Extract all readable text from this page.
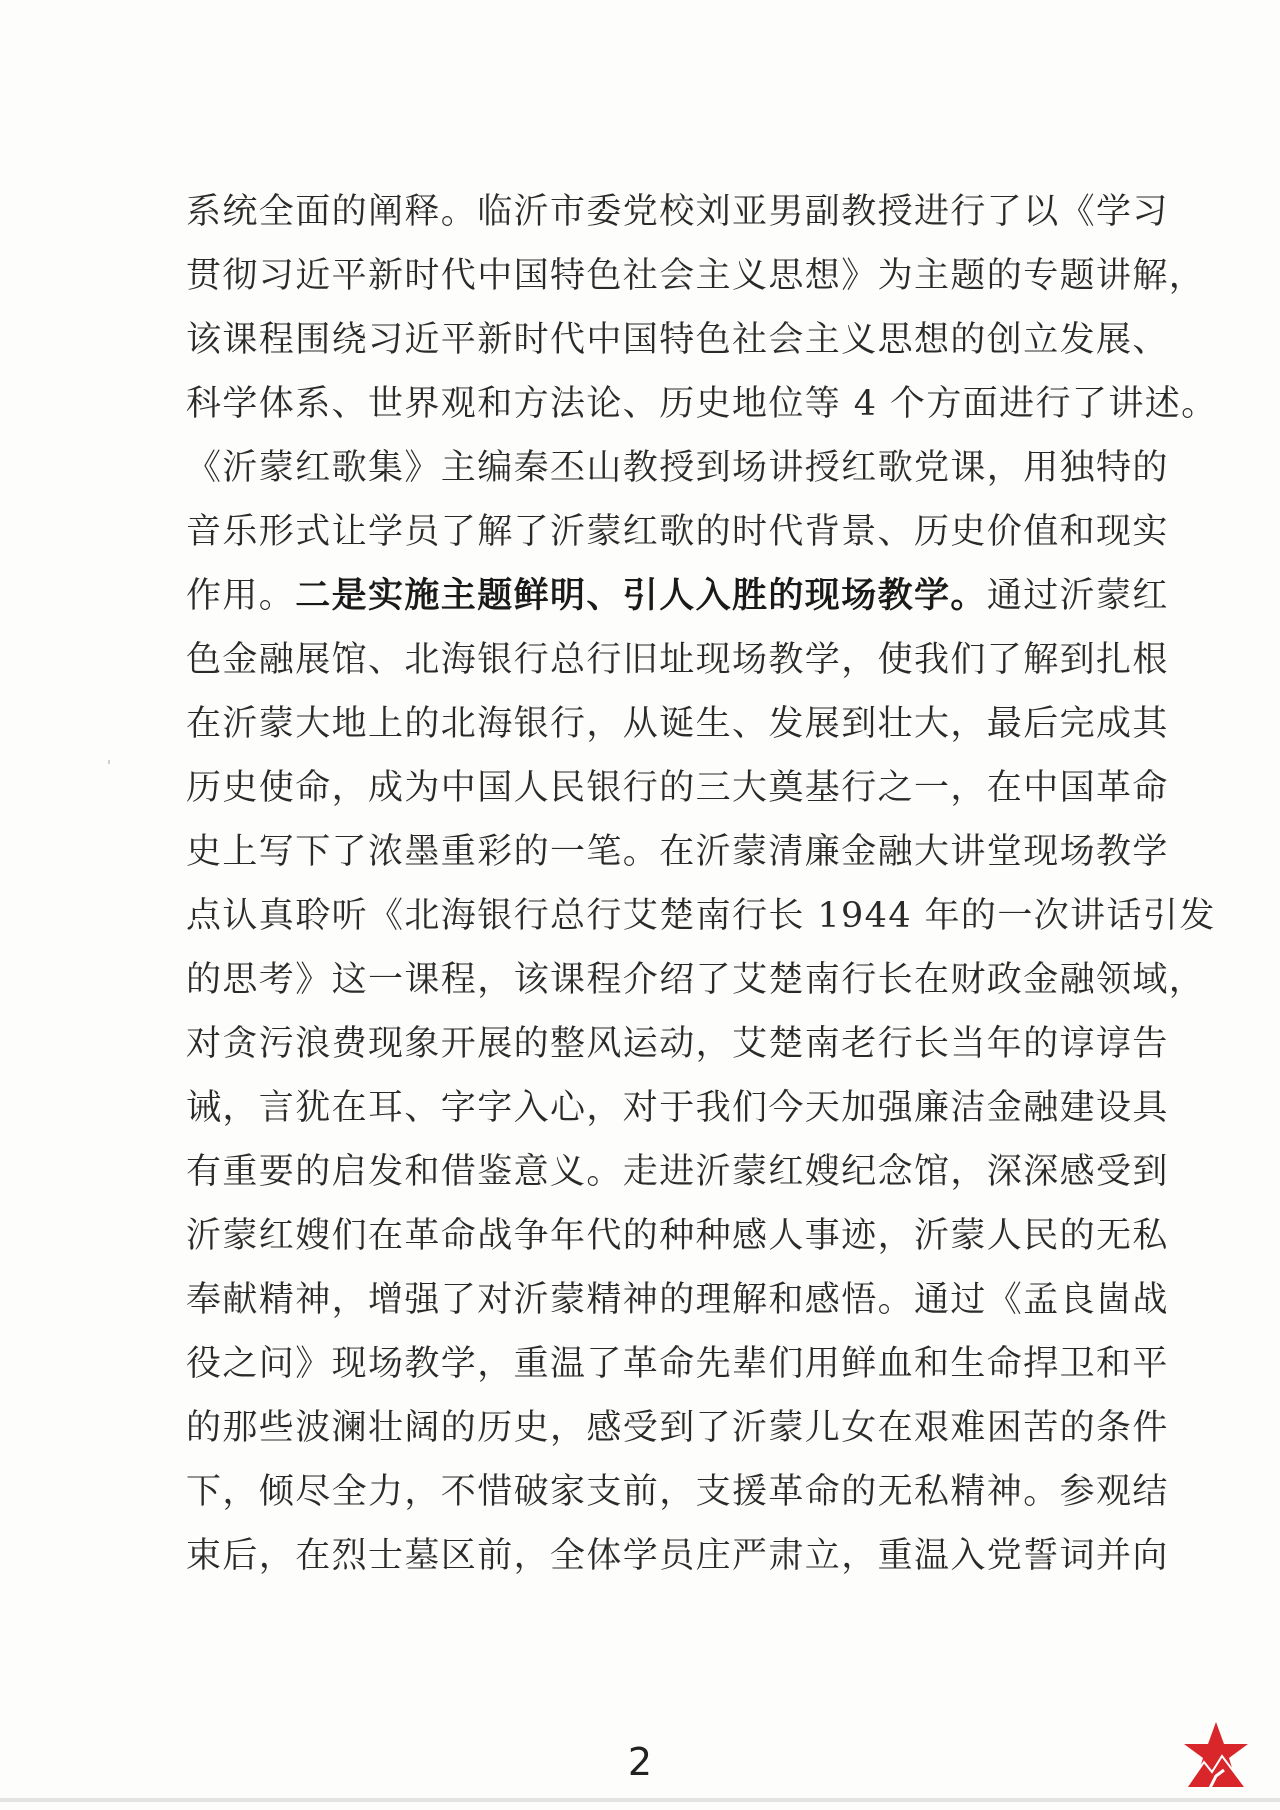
系统全面的阐释。临沂市委党校刘亚男副教授进行了以《学习
贯彻习近平新时代中国特色社会主义思想》为主题的专题讲解，
该课程围绕习近平新时代中国特色社会主义思想的创立发展、
科学体系、世界观和方法论、历史地位等 4 个方面进行了讲述。
《沂蒙红歌集》主编秦丕山教授到场讲授红歌党课，用独特的
音乐形式让学员了解了沂蒙红歌的时代背景、历史价值和现实
作用。二是实施主题鲜明、引人入胜的现场教学。通过沂蒙红
色金融展馆、北海银行总行旧址现场教学，使我们了解到扎根
在沂蒙大地上的北海银行，从诞生、发展到壮大，最后完成其
历史使命，成为中国人民银行的三大奠基行之一，在中国革命
史上写下了浓墨重彩的一笔。在沂蒙清廉金融大讲堂现场教学
点认真聆听《北海银行总行艾楚南行长 1944 年的一次讲话引发
的思考》这一课程，该课程介绍了艾楚南行长在财政金融领域，
对贪污浪费现象开展的整风运动，艾楚南老行长当年的谆谆告
诫，言犹在耳、字字入心，对于我们今天加强廉洁金融建设具
有重要的启发和借鉴意义。走进沂蒙红嫂纪念馆，深深感受到
沂蒙红嫂们在革命战争年代的种种感人事迹，沂蒙人民的无私
奉献精神，增强了对沂蒙精神的理解和感悟。通过《孟良崮战
役之问》现场教学，重温了革命先辈们用鲜血和生命捍卫和平
的那些波澜壮阔的历史，感受到了沂蒙儿女在艰难困苦的条件
下，倾尽全力，不惜破家支前，支援革命的无私精神。参观结
束后，在烈士墓区前，全体学员庄严肃立，重温入党誓词并向
2
